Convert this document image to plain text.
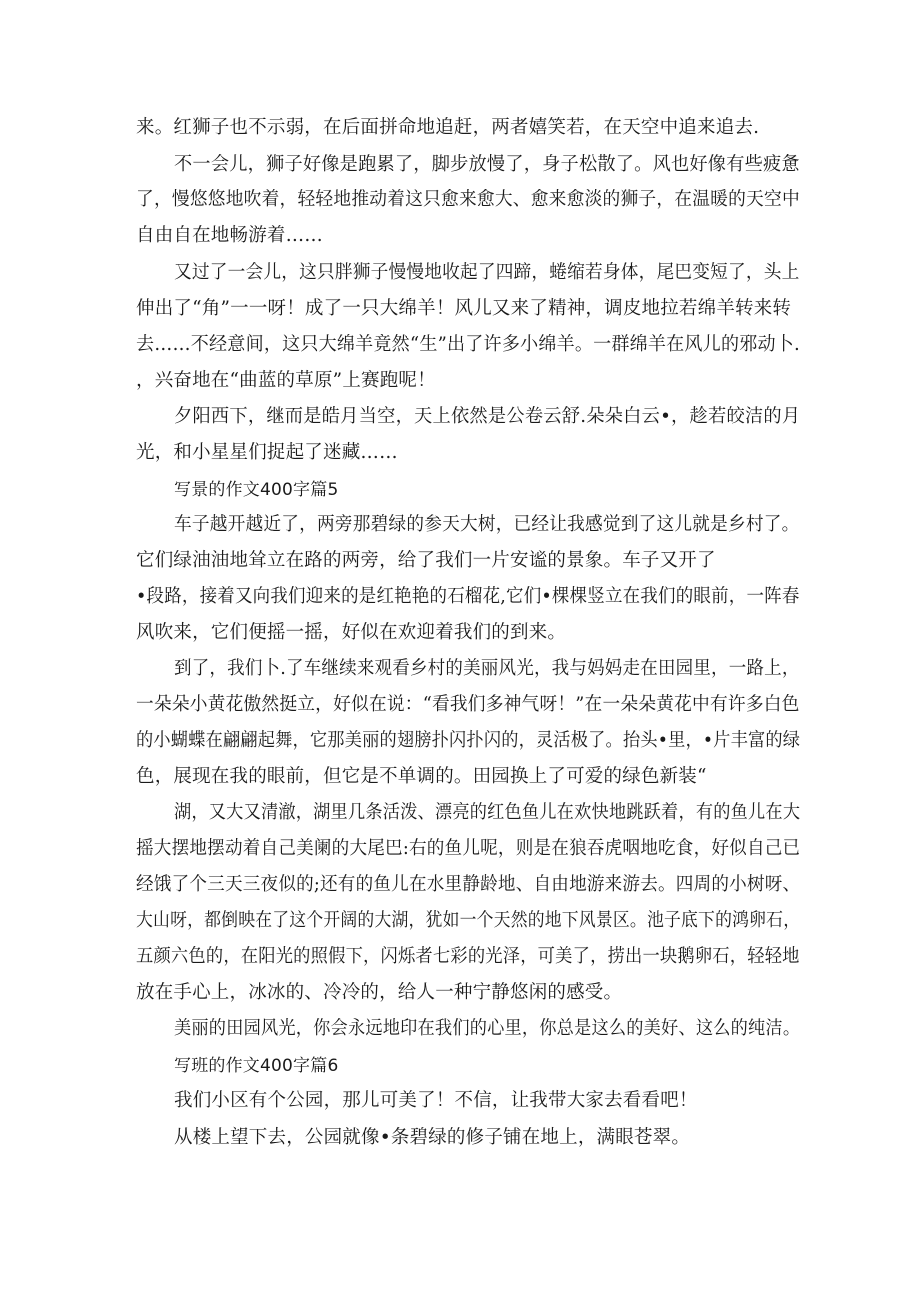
来。红狮子也不示弱，在后面拼命地追赶，两者嬉笑若，在天空中追来追去.
不一会儿，狮子好像是跑累了，脚步放慢了，身子松散了。风也好像有些疲惫
了，慢悠悠地吹着，轻轻地推动着这只愈来愈大、愈来愈淡的狮子，在温暖的天空中
自由自在地畅游着……
又过了一会儿，这只胖狮子慢慢地收起了四蹄，蜷缩若身体，尾巴变短了，头上
伸出了“角”一一呀！成了一只大绵羊！风儿又来了精神，调皮地拉若绵羊转来转
去……不经意间，这只大绵羊竟然“生”出了许多小绵羊。一群绵羊在风儿的邪动卜.
，兴奋地在“曲蓝的草原”上赛跑呢！
夕阳西下，继而是皓月当空，天上依然是公卷云舒.朵朵白云•，趁若皎洁的月
光，和小星星们捉起了迷藏……
写景的作文400字篇5
车子越开越近了，两旁那碧绿的参天大树，已经让我感觉到了这儿就是乡村了。
它们绿油油地耸立在路的两旁，给了我们一片安谧的景象。车子又开了
•段路，接着又向我们迎来的是红艳艳的石榴花,它们•棵棵竖立在我们的眼前，一阵春
风吹来，它们便摇一摇，好似在欢迎着我们的到来。
到了，我们卜.了车继续来观看乡村的美丽风光，我与妈妈走在田园里，一路上，
一朵朵小黄花傲然挺立，好似在说：“看我们多神气呀！”在一朵朵黄花中有许多白色
的小蝴蝶在翩翩起舞，它那美丽的翅膀扑闪扑闪的，灵活极了。抬头•里，•片丰富的绿
色，展现在我的眼前，但它是不单调的。田园换上了可爱的绿色新装“
湖，又大又清澈，湖里几条活泼、漂亮的红色鱼儿在欢快地跳跃着，有的鱼儿在大
摇大摆地摆动着自己美阑的大尾巴:右的鱼儿呢，则是在狼吞虎咽地吃食，好似自己已
经饿了个三天三夜似的;还有的鱼儿在水里静龄地、自由地游来游去。四周的小树呀、
大山呀，都倒映在了这个开阔的大湖，犹如一个天然的地下风景区。池子底下的鸿卵石，
五颜六色的，在阳光的照假下，闪烁者七彩的光泽，可美了，捞出一块鹅卵石，轻轻地
放在手心上，冰冰的、冷冷的，给人一种宁静悠闲的感受。
美丽的田园风光，你会永远地印在我们的心里，你总是这么的美好、这么的纯洁。
写班的作文400字篇6
我们小区有个公园，那儿可美了！不信，让我带大家去看看吧！
从楼上望下去，公园就像•条碧绿的修子铺在地上，满眼苍翠。
